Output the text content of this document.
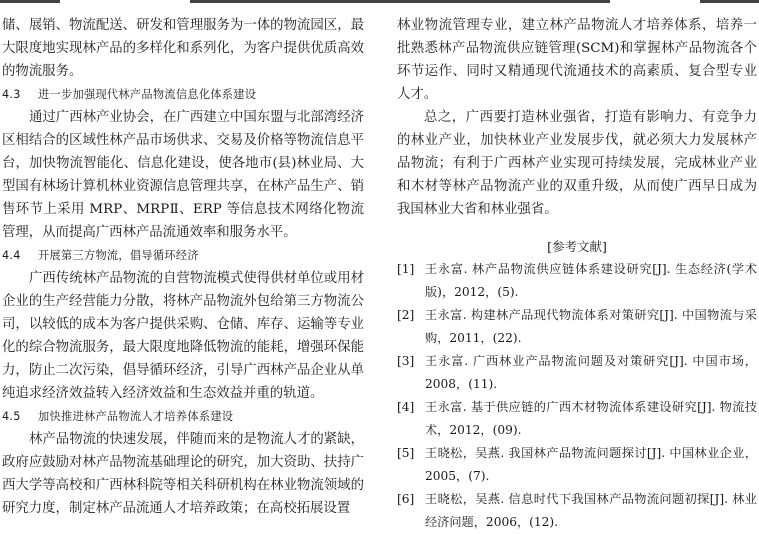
储、展销、物流配送、研发和管理服务为一体的物流园区，最大限度地实现林产品的多样化和系列化，为客户提供优质高效的物流服务。

4.3 进一步加强现代林产品物流信息化体系建设

通过广西林产业协会，在广西建立中国东盟与北部湾经济区相结合的区域性林产品市场供求、交易及价格等物流信息平台，加快物流智能化、信息化建设，使各地市(县)林业局、大型国有林场计算机林业资源信息管理共享，在林产品生产、销售环节上采用 MRP、MRPⅡ、ERP 等信息技术网络化物流管理，从而提高广西林产品流通效率和服务水平。

4.4 开展第三方物流，倡导循环经济

广西传统林产品物流的自营物流模式使得供材单位或用材企业的生产经营能力分散，将林产品物流外包给第三方物流公司，以较低的成本为客户提供采购、仓储、库存、运输等专业化的综合物流服务，最大限度地降低物流的能耗，增强环保能力，防止二次污染，倡导循环经济，引导广西林产品企业从单纯追求经济效益转入经济效益和生态效益并重的轨道。

4.5 加快推进林产品物流人才培养体系建设

林产品物流的快速发展，伴随而来的是物流人才的紧缺，政府应鼓励对林产品物流基础理论的研究，加大资助、扶持广西大学等高校和广西林科院等相关科研机构在林业物流领域的研究力度，制定林产品流通人才培养政策；在高校拓展设置

林业物流管理专业，建立林产品物流人才培养体系，培养一批熟悉林产品物流供应链管理(SCM)和掌握林产品物流各个环节运作、同时又精通现代流通技术的高素质、复合型专业人才。

总之，广西要打造林业强省，打造有影响力、有竞争力的林业产业，加快林业产业发展步伐，就必须大力发展林产品物流；有利于广西林产业实现可持续发展，完成林业产业和木材等林产品物流产业的双重升级，从而使广西早日成为我国林业大省和林业强省。

[参考文献]

[1] 王永富. 林产品物流供应链体系建设研究[J]. 生态经济(学术版)，2012，(5).
[2] 王永富. 构建林产品现代物流体系对策研究[J]. 中国物流与采购，2011，(22).
[3] 王永富. 广西林业产品物流问题及对策研究[J]. 中国市场，2008，(11).
[4] 王永富. 基于供应链的广西木材物流体系建设研究[J]. 物流技术，2012，(09).
[5] 王晓松，吴燕. 我国林产品物流问题探讨[J]. 中国林业企业，2005，(7).
[6] 王晓松，吴燕. 信息时代下我国林产品物流问题初探[J]. 林业经济问题，2006，(12).
